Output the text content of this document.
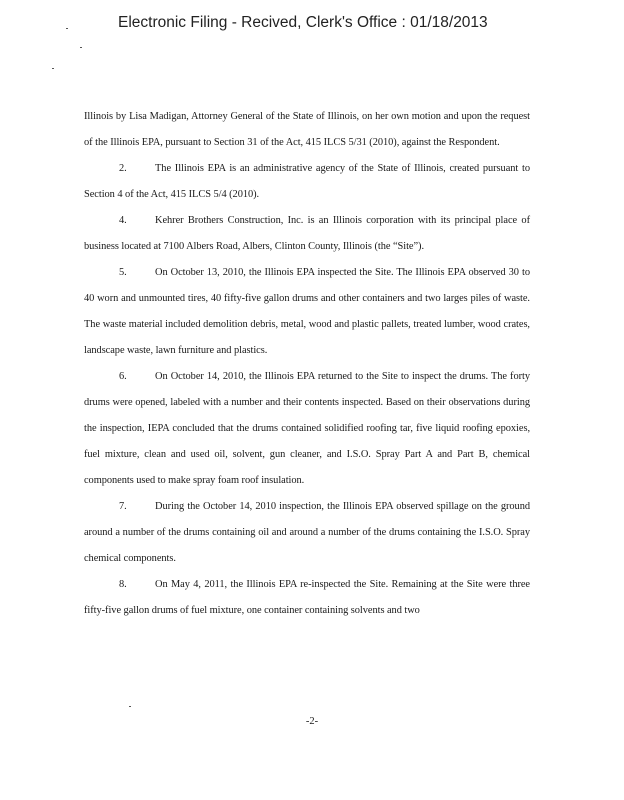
Electronic Filing - Recived, Clerk's Office : 01/18/2013

Illinois by Lisa Madigan, Attorney General of the State of Illinois, on her own motion and upon the request of the Illinois EPA, pursuant to Section 31 of the Act, 415 ILCS 5/31 (2010), against the Respondent.

2.	The Illinois EPA is an administrative agency of the State of Illinois, created pursuant to Section 4 of the Act, 415 ILCS 5/4 (2010).

4.	Kehrer Brothers Construction, Inc. is an Illinois corporation with its principal place of business located at 7100 Albers Road, Albers, Clinton County, Illinois (the “Site”).

5.	On October 13, 2010, the Illinois EPA inspected the Site. The Illinois EPA observed 30 to 40 worn and unmounted tires, 40 fifty-five gallon drums and other containers and two larges piles of waste. The waste material included demolition debris, metal, wood and plastic pallets, treated lumber, wood crates, landscape waste, lawn furniture and plastics.

6.	On October 14, 2010, the Illinois EPA returned to the Site to inspect the drums. The forty drums were opened, labeled with a number and their contents inspected. Based on their observations during the inspection, IEPA concluded that the drums contained solidified roofing tar, five liquid roofing epoxies, fuel mixture, clean and used oil, solvent, gun cleaner, and I.S.O. Spray Part A and Part B, chemical components used to make spray foam roof insulation.

7.	During the October 14, 2010 inspection, the Illinois EPA observed spillage on the ground around a number of the drums containing oil and around a number of the drums containing the I.S.O. Spray chemical components.

8.	On May 4, 2011, the Illinois EPA re-inspected the Site. Remaining at the Site were three fifty-five gallon drums of fuel mixture, one container containing solvents and two

-2-
